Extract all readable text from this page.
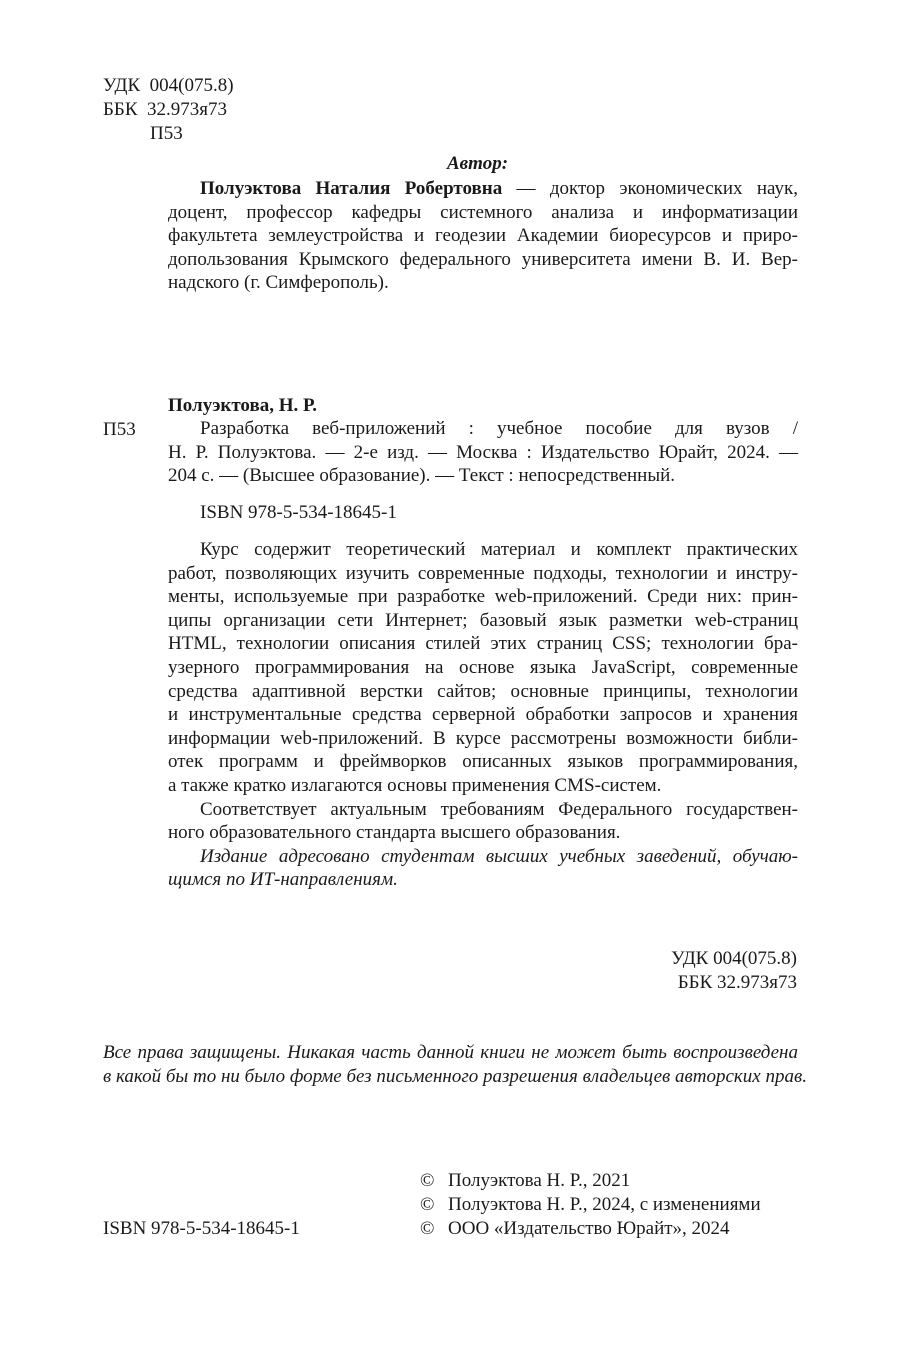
УДК 004(075.8)
ББК 32.973я73
П53
Автор:
Полуэктова Наталия Робертовна — доктор экономических наук,
доцент, профессор кафедры системного анализа и информатизации
факультета землеустройства и геодезии Академии биоресурсов и приро-
допользования Крымского федерального университета имени В. И. Вер-
надского (г. Симферополь).
Полуэктова, Н. Р.
П53	Разработка веб-приложений : учебное пособие для вузов /
Н. Р. Полуэктова. — 2-е изд. — Москва : Издательство Юрайт, 2024. —
204 с. — (Высшее образование). — Текст : непосредственный.
ISBN 978-5-534-18645-1
Курс содержит теоретический материал и комплект практических
работ, позволяющих изучить современные подходы, технологии и инстру-
менты, используемые при разработке web-приложений. Среди них: прин-
ципы организации сети Интернет; базовый язык разметки web-страниц
HTML, технологии описания стилей этих страниц CSS; технологии бра-
узерного программирования на основе языка JavaScript, современные
средства адаптивной верстки сайтов; основные принципы, технологии
и инструментальные средства серверной обработки запросов и хранения
информации web-приложений. В курсе рассмотрены возможности библи-
отек программ и фреймворков описанных языков программирования,
а также кратко излагаются основы применения CMS-систем.
Соответствует актуальным требованиям Федерального государствен-
ного образовательного стандарта высшего образования.
Издание адресовано студентам высших учебных заведений, обучаю-
щимся по ИТ-направлениям.
УДК 004(075.8)
ББК 32.973я73
Все права защищены. Никакая часть данной книги не может быть воспроизведена
в какой бы то ни было форме без письменного разрешения владельцев авторских прав.
ISBN 978-5-534-18645-1
© Полуэктова Н. Р., 2021
© Полуэктова Н. Р., 2024, с изменениями
© ООО «Издательство Юрайт», 2024
